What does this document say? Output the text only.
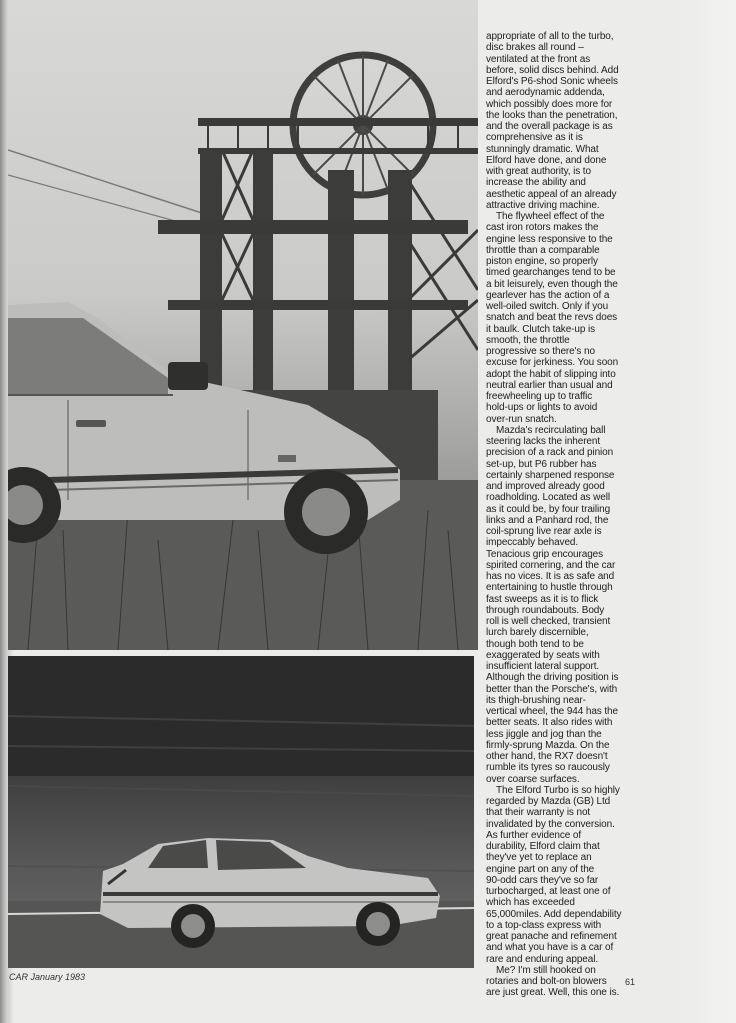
appropriate of all to the turbo,
disc brakes all round –
ventilated at the front as
before, solid discs behind. Add
Elford's P6-shod Sonic wheels
and aerodynamic addenda,
which possibly does more for
the looks than the penetration,
and the overall package is as
comprehensive as it is
stunningly dramatic. What
Elford have done, and done
with great authority, is to
increase the ability and
aesthetic appeal of an already
attractive driving machine.

The flywheel effect of the
cast iron rotors makes the
engine less responsive to the
throttle than a comparable
piston engine, so properly
timed gearchanges tend to be
a bit leisurely, even though the
gearlever has the action of a
well-oiled switch. Only if you
snatch and beat the revs does
it baulk. Clutch take-up is
smooth, the throttle
progressive so there's no
excuse for jerkiness. You soon
adopt the habit of slipping into
neutral earlier than usual and
freewheeling up to traffic
hold-ups or lights to avoid
over-run snatch.

Mazda's recirculating ball
steering lacks the inherent
precision of a rack and pinion
set-up, but P6 rubber has
certainly sharpened response
and improved already good
roadholding. Located as well
as it could be, by four trailing
links and a Panhard rod, the
coil-sprung live rear axle is
impeccably behaved.
Tenacious grip encourages
spirited cornering, and the car
has no vices. It is as safe and
entertaining to hustle through
fast sweeps as it is to flick
through roundabouts. Body
roll is well checked, transient
lurch barely discernible,
though both tend to be
exaggerated by seats with
insufficient lateral support.
Although the driving position is
better than the Porsche's, with
its thigh-brushing near-
vertical wheel, the 944 has the
better seats. It also rides with
less jiggle and jog than the
firmly-sprung Mazda. On the
other hand, the RX7 doesn't
rumble its tyres so raucously
over coarse surfaces.

The Elford Turbo is so highly
regarded by Mazda (GB) Ltd
that their warranty is not
invalidated by the conversion.
As further evidence of
durability, Elford claim that
they've yet to replace an
engine part on any of the
90-odd cars they've so far
turbocharged, at least one of
which has exceeded
65,000miles. Add dependability
to a top-class express with
great panache and refinement
and what you have is a car of
rare and enduring appeal.

Me? I'm still hooked on
rotaries and bolt-on blowers
are just great. Well, this one is.

CAR January 1983	61
